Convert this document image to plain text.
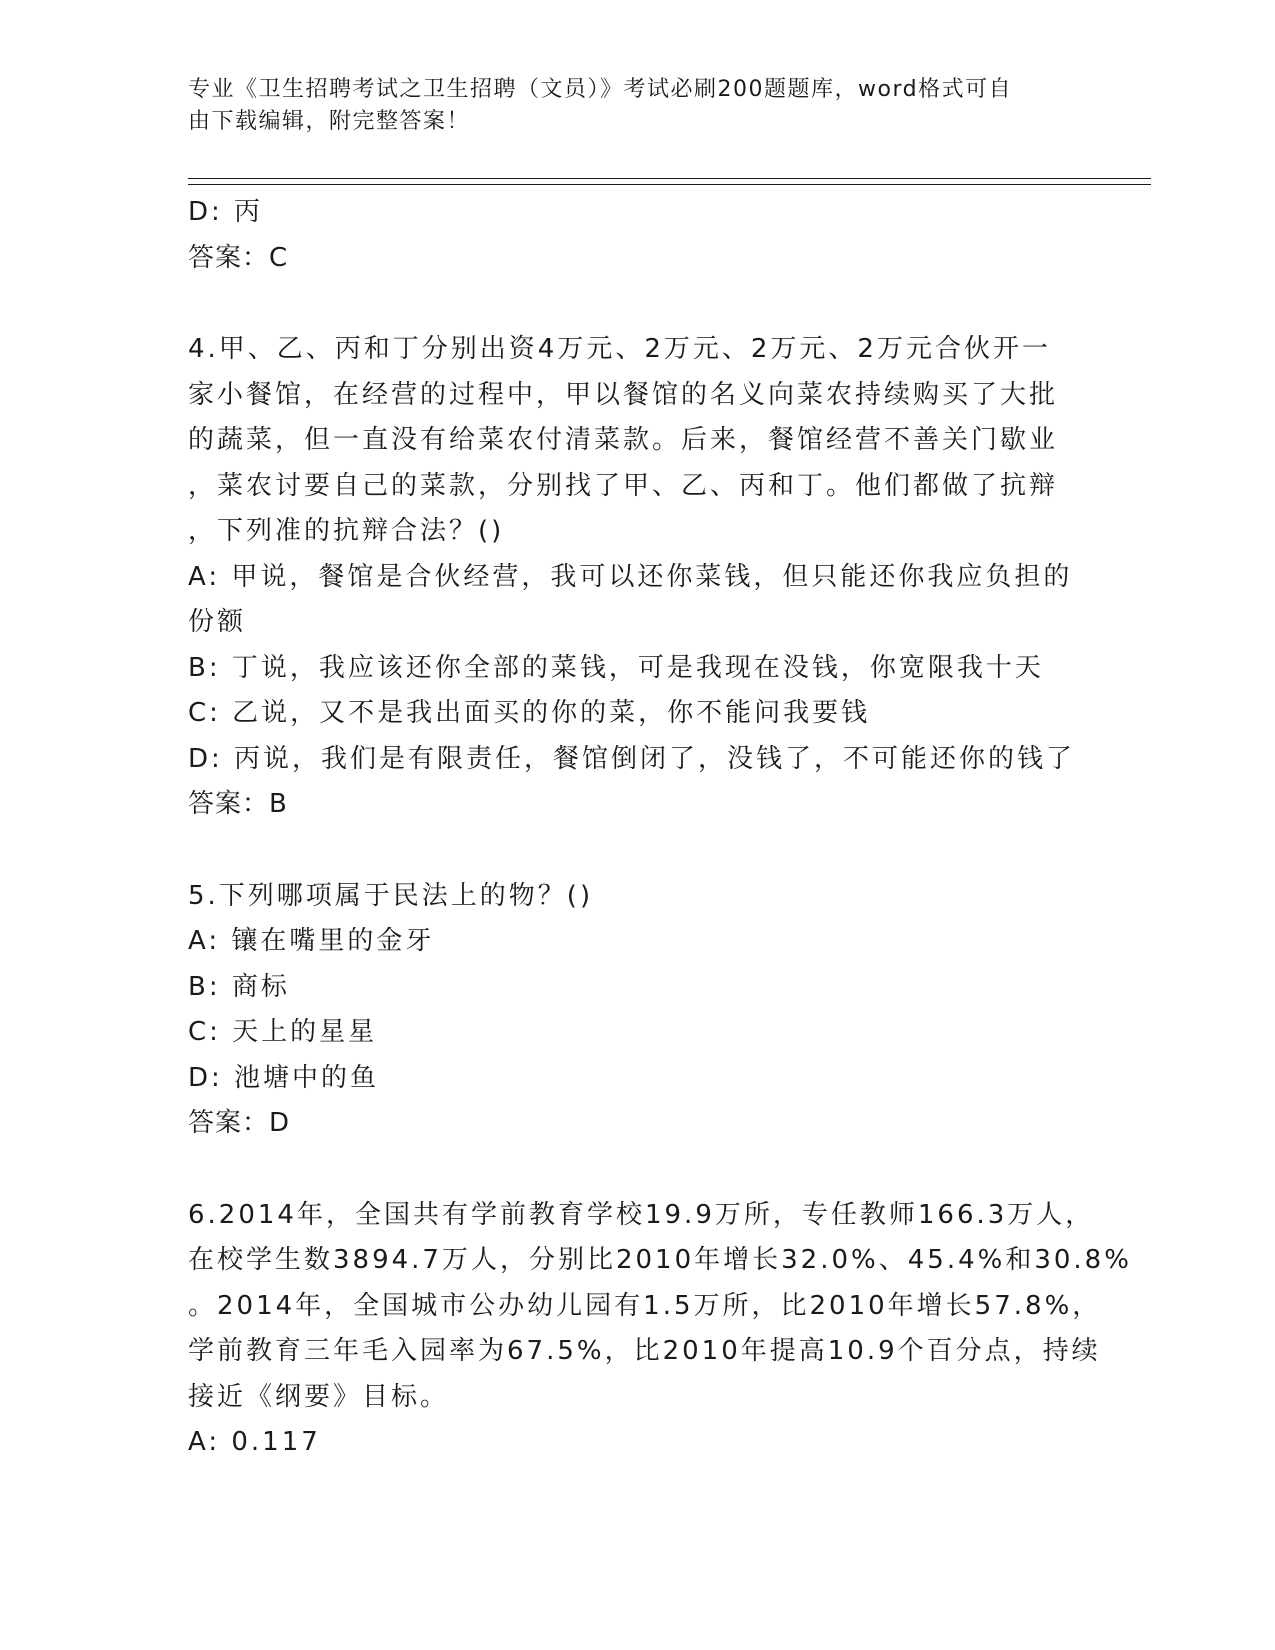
专业《卫生招聘考试之卫生招聘（文员）》考试必刷200题题库，word格式可自
由下载编辑，附完整答案！
D: 丙
答案：C
4.甲、乙、丙和丁分别出资4万元、2万元、2万元、2万元合伙开一
家小餐馆，在经营的过程中，甲以餐馆的名义向菜农持续购买了大批
的蔬菜，但一直没有给菜农付清菜款。后来，餐馆经营不善关门歇业
，菜农讨要自己的菜款，分别找了甲、乙、丙和丁。他们都做了抗辩
，下列准的抗辩合法？()
A: 甲说，餐馆是合伙经营，我可以还你菜钱，但只能还你我应负担的
份额
B: 丁说，我应该还你全部的菜钱，可是我现在没钱，你宽限我十天
C: 乙说，又不是我出面买的你的菜，你不能问我要钱
D: 丙说，我们是有限责任，餐馆倒闭了，没钱了，不可能还你的钱了
答案：B
5.下列哪项属于民法上的物？()
A: 镶在嘴里的金牙
B: 商标
C: 天上的星星
D: 池塘中的鱼
答案：D
6.2014年，全国共有学前教育学校19.9万所，专任教师166.3万人，
在校学生数3894.7万人，分别比2010年增长32.0%、45.4%和30.8%
。2014年，全国城市公办幼儿园有1.5万所，比2010年增长57.8%，
学前教育三年毛入园率为67.5%，比2010年提高10.9个百分点，持续
接近《纲要》目标。
A: 0.117
